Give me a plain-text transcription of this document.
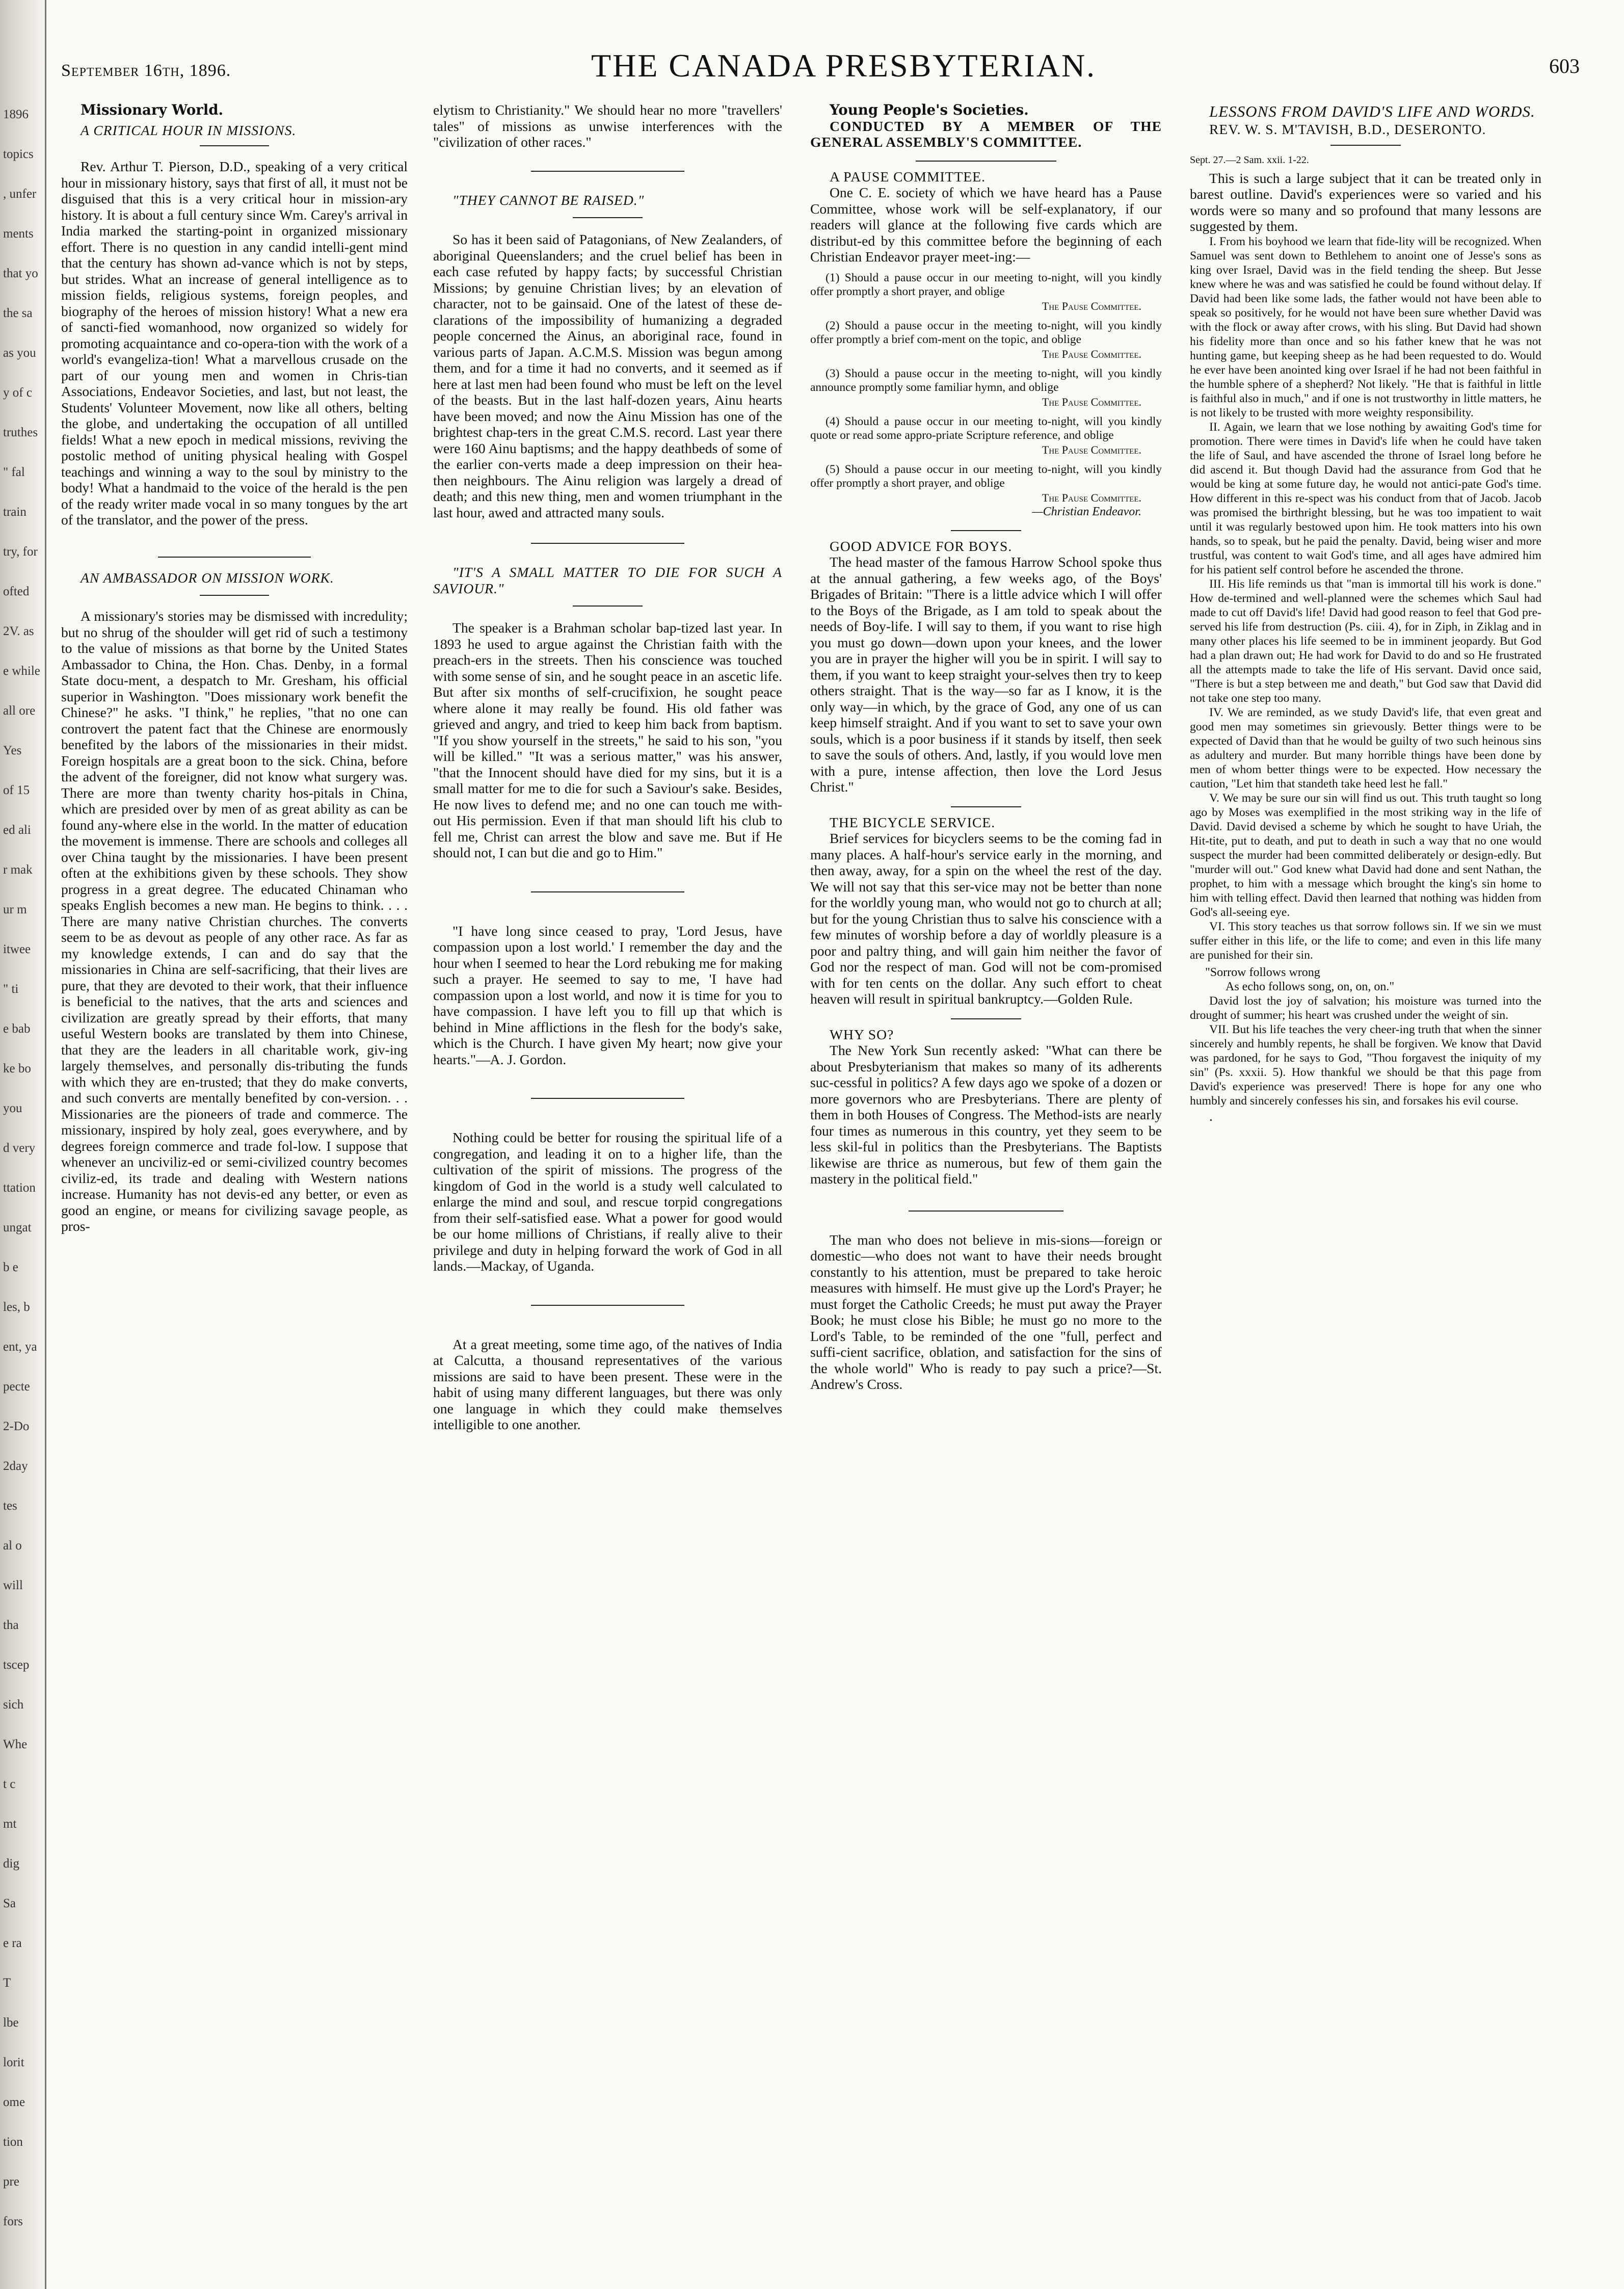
1896
topics
, unfer
ments
that yo
the sa
as you
y of c
truthes
" fal
train
try, for
ofted
2V. as
e while
all ore
Yes
of 15
ed ali
r mak
ur m
itwee
" ti
e bab
ke bo
you
d very
ttation
ungat
b e
les, b
ent, ya
pecte
2-Do
2day
tes
al o
will
tha
tscep
sich
Whe
t c
mt
dig
Sa
e ra
T
lbe
lorit
ome
tion
pre
fors
September 16th, 1896.	THE CANADA PRESBYTERIAN.	603

Missionary World.

A CRITICAL HOUR IN MISSIONS.

Rev. Arthur T. Pierson, D.D., speaking of a very critical hour in missionary history, says that first of all, it must not be disguised that this is a very critical hour in mission-ary history. It is about a full century since Wm. Carey's arrival in India marked the starting-point in organized missionary effort. There is no question in any candid intelli-gent mind that the century has shown ad-vance which is not by steps, but strides. What an increase of general intelligence as to mission fields, religious systems, foreign peoples, and biography of the heroes of mission history! What a new era of sancti-fied womanhood, now organized so widely for promoting acquaintance and co-opera-tion with the work of a world's evangeliza-tion! What a marvellous crusade on the part of our young men and women in Chris-tian Associations, Endeavor Societies, and last, but not least, the Students' Volunteer Movement, now like all others, belting the globe, and undertaking the occupation of all untilled fields! What a new epoch in medical missions, reviving the postolic method of uniting physical healing with Gospel teachings and winning a way to the soul by ministry to the body! What a handmaid to the voice of the herald is the pen of the ready writer made vocal in so many tongues by the art of the translator, and the power of the press.

AN AMBASSADOR ON MISSION WORK.

A missionary's stories may be dismissed with incredulity; but no shrug of the shoulder will get rid of such a testimony to the value of missions as that borne by the United States Ambassador to China, the Hon. Chas. Denby, in a formal State docu-ment, a despatch to Mr. Gresham, his official superior in Washington. "Does missionary work benefit the Chinese?" he asks. "I think," he replies, "that no one can controvert the patent fact that the Chinese are enormously benefited by the labors of the missionaries in their midst. Foreign hospitals are a great boon to the sick. China, before the advent of the foreigner, did not know what surgery was. There are more than twenty charity hos-pitals in China, which are presided over by men of as great ability as can be found any-where else in the world. In the matter of education the movement is immense. There are schools and colleges all over China taught by the missionaries. I have been present often at the exhibitions given by these schools. They show progress in a great degree. The educated Chinaman who speaks English becomes a new man. He begins to think. . . . There are many native Christian churches. The converts seem to be as devout as people of any other race. As far as my knowledge extends, I can and do say that the missionaries in China are self-sacrificing, that their lives are pure, that they are devoted to their work, that their influence is beneficial to the natives, that the arts and sciences and civilization are greatly spread by their efforts, that many useful Western books are translated by them into Chinese, that they are the leaders in all charitable work, giv-ing largely themselves, and personally dis-tributing the funds with which they are en-trusted; that they do make converts, and such converts are mentally benefited by con-version. . . Missionaries are the pioneers of trade and commerce. The missionary, inspired by holy zeal, goes everywhere, and by degrees foreign commerce and trade fol-low. I suppose that whenever an unciviliz-ed or semi-civilized country becomes civiliz-ed, its trade and dealing with Western nations increase. Humanity has not devis-ed any better, or even as good an engine, or means for civilizing savage people, as pros-

elytism to Christianity." We should hear no more "travellers' tales" of missions as unwise interferences with the "civilization of other races."

"THEY CANNOT BE RAISED."

So has it been said of Patagonians, of New Zealanders, of aboriginal Queenslanders; and the cruel belief has been in each case refuted by happy facts; by successful Christian Missions; by genuine Christian lives; by an elevation of character, not to be gainsaid. One of the latest of these de-clarations of the impossibility of humanizing a degraded people concerned the Ainus, an aboriginal race, found in various parts of Japan. A.C.M.S. Mission was begun among them, and for a time it had no converts, and it seemed as if here at last men had been found who must be left on the level of the beasts. But in the last half-dozen years, Ainu hearts have been moved; and now the Ainu Mission has one of the brightest chap-ters in the great C.M.S. record. Last year there were 160 Ainu baptisms; and the happy deathbeds of some of the earlier con-verts made a deep impression on their hea-then neighbours. The Ainu religion was largely a dread of death; and this new thing, men and women triumphant in the last hour, awed and attracted many souls.

"IT'S A SMALL MATTER TO DIE FOR SUCH A SAVIOUR."

The speaker is a Brahman scholar bap-tized last year. In 1893 he used to argue against the Christian faith with the preach-ers in the streets. Then his conscience was touched with some sense of sin, and he sought peace in an ascetic life. But after six months of self-crucifixion, he sought peace where alone it may really be found. His old father was grieved and angry, and tried to keep him back from baptism. "If you show yourself in the streets," he said to his son, "you will be killed." "It was a serious matter," was his answer, "that the Innocent should have died for my sins, but it is a small matter for me to die for such a Saviour's sake. Besides, He now lives to defend me; and no one can touch me with-out His permission. Even if that man should lift his club to fell me, Christ can arrest the blow and save me. But if He should not, I can but die and go to Him."

"I have long since ceased to pray, 'Lord Jesus, have compassion upon a lost world.' I remember the day and the hour when I seemed to hear the Lord rebuking me for making such a prayer. He seemed to say to me, 'I have had compassion upon a lost world, and now it is time for you to have compassion. I have left you to fill up that which is behind in Mine afflictions in the flesh for the body's sake, which is the Church. I have given My heart; now give your hearts."—A. J. Gordon.

Nothing could be better for rousing the spiritual life of a congregation, and leading it on to a higher life, than the cultivation of the spirit of missions. The progress of the kingdom of God in the world is a study well calculated to enlarge the mind and soul, and rescue torpid congregations from their self-satisfied ease. What a power for good would be our home millions of Christians, if really alive to their privilege and duty in helping forward the work of God in all lands.—Mackay, of Uganda.

At a great meeting, some time ago, of the natives of India at Calcutta, a thousand representatives of the various missions are said to have been present. These were in the habit of using many different languages, but there was only one language in which they could make themselves intelligible to one another.

Young People's Societies.

CONDUCTED BY A MEMBER OF THE GENERAL ASSEMBLY'S COMMITTEE.

A PAUSE COMMITTEE.

One C. E. society of which we have heard has a Pause Committee, whose work will be self-explanatory, if our readers will glance at the following five cards which are distribut-ed by this committee before the beginning of each Christian Endeavor prayer meet-ing:—

(1) Should a pause occur in our meeting to-night, will you kindly offer promptly a short prayer, and oblige

The Pause Committee.

(2) Should a pause occur in the meeting to-night, will you kindly offer promptly a brief com-ment on the topic, and oblige

The Pause Committee.

(3) Should a pause occur in the meeting to-night, will you kindly announce promptly some familiar hymn, and oblige

The Pause Committee.

(4) Should a pause occur in our meeting to-night, will you kindly quote or read some appro-priate Scripture reference, and oblige

The Pause Committee.

(5) Should a pause occur in our meeting to-night, will you kindly offer promptly a short prayer, and oblige

The Pause Committee.

—Christian Endeavor.

GOOD ADVICE FOR BOYS.

The head master of the famous Harrow School spoke thus at the annual gathering, a few weeks ago, of the Boys' Brigades of Britain: "There is a little advice which I will offer to the Boys of the Brigade, as I am told to speak about the needs of Boy-life. I will say to them, if you want to rise high you must go down—down upon your knees, and the lower you are in prayer the higher will you be in spirit. I will say to them, if you want to keep straight your-selves then try to keep others straight. That is the way—so far as I know, it is the only way—in which, by the grace of God, any one of us can keep himself straight. And if you want to set to save your own souls, which is a poor business if it stands by itself, then seek to save the souls of others. And, lastly, if you would love men with a pure, intense affection, then love the Lord Jesus Christ."

THE BICYCLE SERVICE.

Brief services for bicyclers seems to be the coming fad in many places. A half-hour's service early in the morning, and then away, away, for a spin on the wheel the rest of the day. We will not say that this ser-vice may not be better than none for the worldly young man, who would not go to church at all; but for the young Christian thus to salve his conscience with a few minutes of worship before a day of worldly pleasure is a poor and paltry thing, and will gain him neither the favor of God nor the respect of man. God will not be com-promised with for ten cents on the dollar. Any such effort to cheat heaven will result in spiritual bankruptcy.—Golden Rule.

WHY SO?

The New York Sun recently asked: "What can there be about Presbyterianism that makes so many of its adherents suc-cessful in politics? A few days ago we spoke of a dozen or more governors who are Presbyterians. There are plenty of them in both Houses of Congress. The Method-ists are nearly four times as numerous in this country, yet they seem to be less skil-ful in politics than the Presbyterians. The Baptists likewise are thrice as numerous, but few of them gain the mastery in the political field."

The man who does not believe in mis-sions—foreign or domestic—who does not want to have their needs brought constantly to his attention, must be prepared to take heroic measures with himself. He must give up the Lord's Prayer; he must forget the Catholic Creeds; he must put away the Prayer Book; he must close his Bible; he must go no more to the Lord's Table, to be reminded of the one "full, perfect and suffi-cient sacrifice, oblation, and satisfaction for the sins of the whole world" Who is ready to pay such a price?—St. Andrew's Cross.

LESSONS FROM DAVID'S LIFE AND WORDS.

REV. W. S. M'TAVISH, B.D., DESERONTO.

Sept. 27.—2 Sam. xxii. 1-22.

This is such a large subject that it can be treated only in barest outline. David's experiences were so varied and his words were so many and so profound that many lessons are suggested by them.

I. From his boyhood we learn that fide-lity will be recognized. When Samuel was sent down to Bethlehem to anoint one of Jesse's sons as king over Israel, David was in the field tending the sheep. But Jesse knew where he was and was satisfied he could be found without delay. If David had been like some lads, the father would not have been able to speak so positively, for he would not have been sure whether David was with the flock or away after crows, with his sling. But David had shown his fidelity more than once and so his father knew that he was not hunting game, but keeping sheep as he had been requested to do. Would he ever have been anointed king over Israel if he had not been faithful in the humble sphere of a shepherd? Not likely. "He that is faithful in little is faithful also in much," and if one is not trustworthy in little matters, he is not likely to be trusted with more weighty responsibility.

II. Again, we learn that we lose nothing by awaiting God's time for promotion. There were times in David's life when he could have taken the life of Saul, and have ascended the throne of Israel long before he did ascend it. But though David had the assurance from God that he would be king at some future day, he would not antici-pate God's time. How different in this re-spect was his conduct from that of Jacob. Jacob was promised the birthright blessing, but he was too impatient to wait until it was regularly bestowed upon him. He took matters into his own hands, so to speak, but he paid the penalty. David, being wiser and more trustful, was content to wait God's time, and all ages have admired him for his patient self control before he ascended the throne.

III. His life reminds us that "man is immortal till his work is done." How de-termined and well-planned were the schemes which Saul had made to cut off David's life! David had good reason to feel that God pre-served his life from destruction (Ps. ciii. 4), for in Ziph, in Ziklag and in many other places his life seemed to be in imminent jeopardy. But God had a plan drawn out; He had work for David to do and so He frustrated all the attempts made to take the life of His servant. David once said, "There is but a step between me and death," but God saw that David did not take one step too many.

IV. We are reminded, as we study David's life, that even great and good men may sometimes sin grievously. Better things were to be expected of David than that he would be guilty of two such heinous sins as adultery and murder. But many horrible things have been done by men of whom better things were to be expected. How necessary the caution, "Let him that standeth take heed lest he fall."

V. We may be sure our sin will find us out. This truth taught so long ago by Moses was exemplified in the most striking way in the life of David. David devised a scheme by which he sought to have Uriah, the Hit-tite, put to death, and put to death in such a way that no one would suspect the murder had been committed deliberately or design-edly. But "murder will out." God knew what David had done and sent Nathan, the prophet, to him with a message which brought the king's sin home to him with telling effect. David then learned that nothing was hidden from God's all-seeing eye.

VI. This story teaches us that sorrow follows sin. If we sin we must suffer either in this life, or the life to come; and even in this life many are punished for their sin.

"Sorrow follows wrong

As echo follows song, on, on, on."

David lost the joy of salvation; his moisture was turned into the drought of summer; his heart was crushed under the weight of sin.

VII. But his life teaches the very cheer-ing truth that when the sinner sincerely and humbly repents, he shall be forgiven. We know that David was pardoned, for he says to God, "Thou forgavest the iniquity of my sin" (Ps. xxxii. 5). How thankful we should be that this page from David's experience was preserved! There is hope for any one who humbly and sincerely confesses his sin, and forsakes his evil course.

.
